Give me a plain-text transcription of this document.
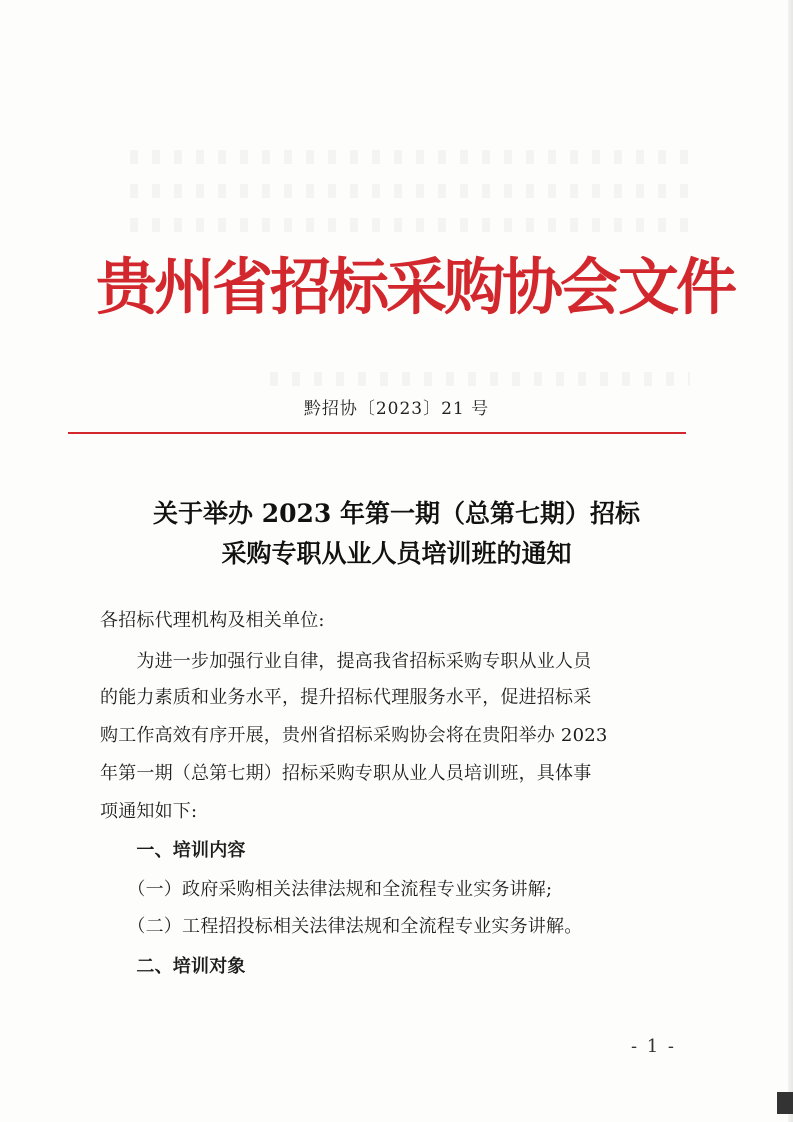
贵州省招标采购协会文件
黔招协〔2023〕21 号
关于举办 2023 年第一期（总第七期）招标
采购专职从业人员培训班的通知
各招标代理机构及相关单位:
　　为进一步加强行业自律，提高我省招标采购专职从业人员
的能力素质和业务水平，提升招标代理服务水平，促进招标采
购工作高效有序开展，贵州省招标采购协会将在贵阳举办 2023
年第一期（总第七期）招标采购专职从业人员培训班，具体事
项通知如下:
　　一、培训内容
　　（一）政府采购相关法律法规和全流程专业实务讲解;
　　（二）工程招投标相关法律法规和全流程专业实务讲解。
　　二、培训对象
- 1 -
